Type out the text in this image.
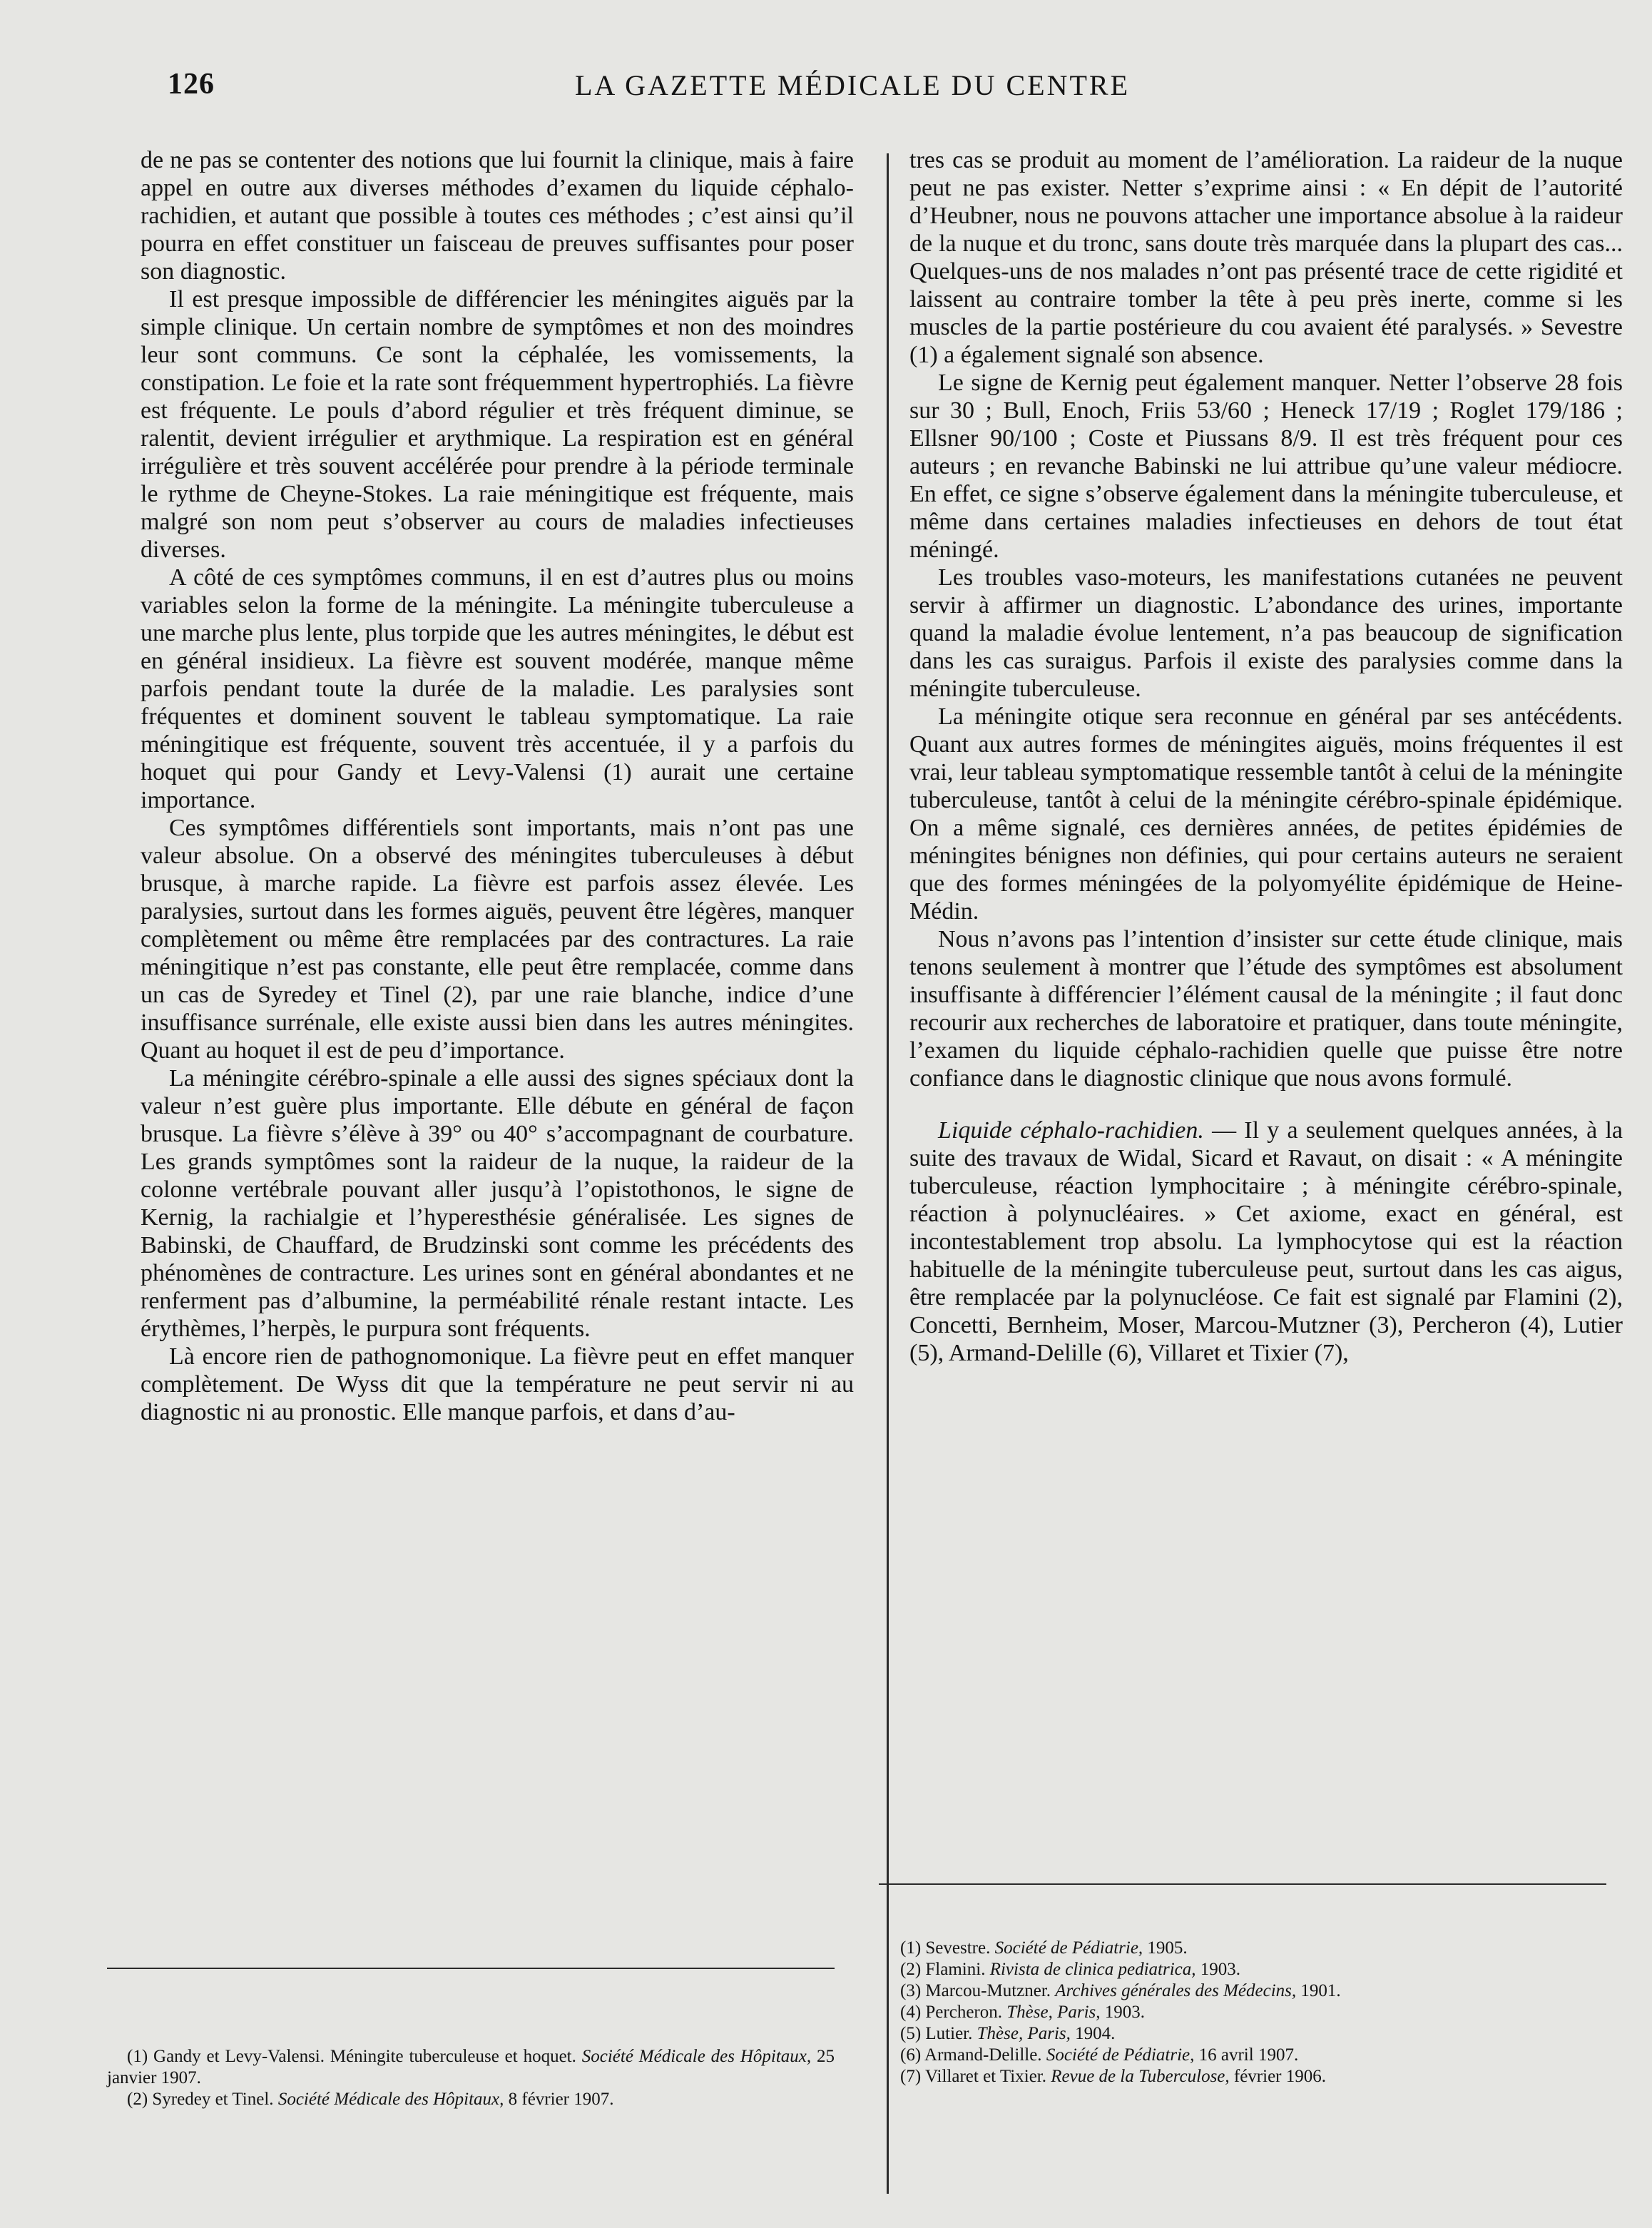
126	LA GAZETTE MÉDICALE DU CENTRE

de ne pas se contenter des notions que lui fournit la clinique, mais à faire appel en outre aux diverses méthodes d’examen du liquide céphalo-rachidien, et autant que possible à toutes ces méthodes ; c’est ainsi qu’il pourra en effet constituer un faisceau de preuves suffisantes pour poser son diagnostic.

Il est presque impossible de différencier les méningites aiguës par la simple clinique. Un certain nombre de symptômes et non des moindres leur sont communs. Ce sont la céphalée, les vomissements, la constipation. Le foie et la rate sont fréquemment hypertrophiés. La fièvre est fréquente. Le pouls d’abord régulier et très fréquent diminue, se ralentit, devient irrégulier et arythmique. La respiration est en général irrégulière et très souvent accélérée pour prendre à la période terminale le rythme de Cheyne-Stokes. La raie méningitique est fréquente, mais malgré son nom peut s’observer au cours de maladies infectieuses diverses.

A côté de ces symptômes communs, il en est d’autres plus ou moins variables selon la forme de la méningite. La méningite tuberculeuse a une marche plus lente, plus torpide que les autres méningites, le début est en général insidieux. La fièvre est souvent modérée, manque même parfois pendant toute la durée de la maladie. Les paralysies sont fréquentes et dominent souvent le tableau symptomatique. La raie méningitique est fréquente, souvent très accentuée, il y a parfois du hoquet qui pour Gandy et Levy-Valensi (1) aurait une certaine importance.

Ces symptômes différentiels sont importants, mais n’ont pas une valeur absolue. On a observé des méningites tuberculeuses à début brusque, à marche rapide. La fièvre est parfois assez élevée. Les paralysies, surtout dans les formes aiguës, peuvent être légères, manquer complètement ou même être remplacées par des contractures. La raie méningitique n’est pas constante, elle peut être remplacée, comme dans un cas de Syredey et Tinel (2), par une raie blanche, indice d’une insuffisance surrénale, elle existe aussi bien dans les autres méningites. Quant au hoquet il est de peu d’importance.

La méningite cérébro-spinale a elle aussi des signes spéciaux dont la valeur n’est guère plus importante. Elle débute en général de façon brusque. La fièvre s’élève à 39° ou 40° s’accompagnant de courbature. Les grands symptômes sont la raideur de la nuque, la raideur de la colonne vertébrale pouvant aller jusqu’à l’opistothonos, le signe de Kernig, la rachialgie et l’hyperesthésie généralisée. Les signes de Babinski, de Chauffard, de Brudzinski sont comme les précédents des phénomènes de contracture. Les urines sont en général abondantes et ne renferment pas d’albumine, la perméabilité rénale restant intacte. Les érythèmes, l’herpès, le purpura sont fréquents.

Là encore rien de pathognomonique. La fièvre peut en effet manquer complètement. De Wyss dit que la température ne peut servir ni au diagnostic ni au pronostic. Elle manque parfois, et dans d’au-

tres cas se produit au moment de l’amélioration. La raideur de la nuque peut ne pas exister. Netter s’exprime ainsi : « En dépit de l’autorité d’Heubner, nous ne pouvons attacher une importance absolue à la raideur de la nuque et du tronc, sans doute très marquée dans la plupart des cas... Quelques-uns de nos malades n’ont pas présenté trace de cette rigidité et laissent au contraire tomber la tête à peu près inerte, comme si les muscles de la partie postérieure du cou avaient été paralysés. » Sevestre (1) a également signalé son absence.

Le signe de Kernig peut également manquer. Netter l’observe 28 fois sur 30 ; Bull, Enoch, Friis 53/60 ; Heneck 17/19 ; Roglet 179/186 ; Ellsner 90/100 ; Coste et Piussans 8/9. Il est très fréquent pour ces auteurs ; en revanche Babinski ne lui attribue qu’une valeur médiocre. En effet, ce signe s’observe également dans la méningite tuberculeuse, et même dans certaines maladies infectieuses en dehors de tout état méningé.

Les troubles vaso-moteurs, les manifestations cutanées ne peuvent servir à affirmer un diagnostic. L’abondance des urines, importante quand la maladie évolue lentement, n’a pas beaucoup de signification dans les cas suraigus. Parfois il existe des paralysies comme dans la méningite tuberculeuse.

La méningite otique sera reconnue en général par ses antécédents. Quant aux autres formes de méningites aiguës, moins fréquentes il est vrai, leur tableau symptomatique ressemble tantôt à celui de la méningite tuberculeuse, tantôt à celui de la méningite cérébro-spinale épidémique. On a même signalé, ces dernières années, de petites épidémies de méningites bénignes non définies, qui pour certains auteurs ne seraient que des formes méningées de la polyomyélite épidémique de Heine-Médin.

Nous n’avons pas l’intention d’insister sur cette étude clinique, mais tenons seulement à montrer que l’étude des symptômes est absolument insuffisante à différencier l’élément causal de la méningite ; il faut donc recourir aux recherches de laboratoire et pratiquer, dans toute méningite, l’examen du liquide céphalo-rachidien quelle que puisse être notre confiance dans le diagnostic clinique que nous avons formulé.

Liquide céphalo-rachidien. — Il y a seulement quelques années, à la suite des travaux de Widal, Sicard et Ravaut, on disait : « A méningite tuberculeuse, réaction lymphocitaire ; à méningite cérébro-spinale, réaction à polynucléaires. » Cet axiome, exact en général, est incontestablement trop absolu. La lymphocytose qui est la réaction habituelle de la méningite tuberculeuse peut, surtout dans les cas aigus, être remplacée par la polynucléose. Ce fait est signalé par Flamini (2), Concetti, Bernheim, Moser, Marcou-Mutzner (3), Percheron (4), Lutier (5), Armand-Delille (6), Villaret et Tixier (7),

(1) Gandy et Levy-Valensi. Méningite tuberculeuse et hoquet. Société Médicale des Hôpitaux, 25 janvier 1907.

(2) Syredey et Tinel. Société Médicale des Hôpitaux, 8 février 1907.

(1) Sevestre. Société de Pédiatrie, 1905.

(2) Flamini. Rivista de clinica pediatrica, 1903.

(3) Marcou-Mutzner. Archives générales des Médecins, 1901.

(4) Percheron. Thèse, Paris, 1903.

(5) Lutier. Thèse, Paris, 1904.

(6) Armand-Delille. Société de Pédiatrie, 16 avril 1907.

(7) Villaret et Tixier. Revue de la Tuberculose, février 1906.
